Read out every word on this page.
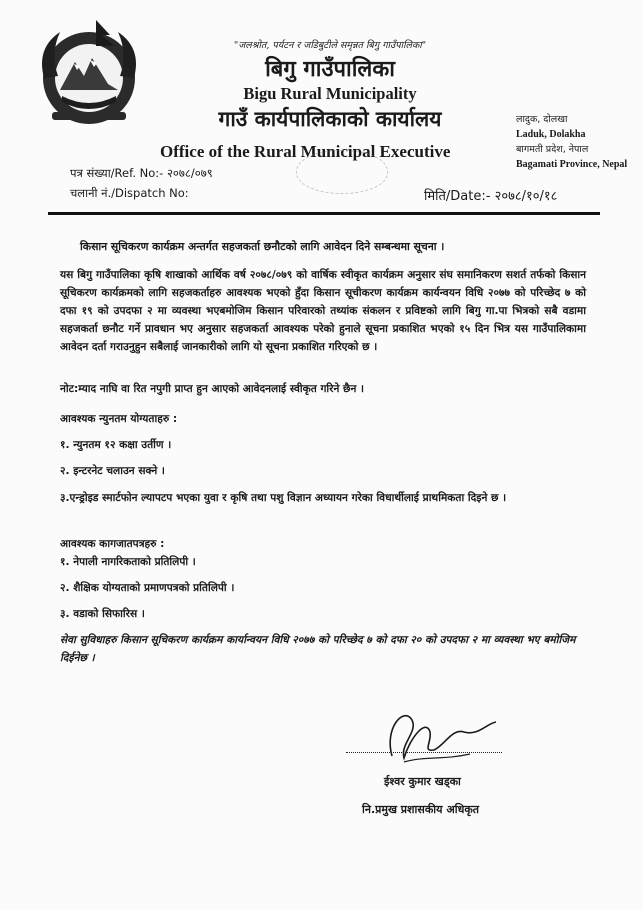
"जलश्रोत, पर्यटन र जडिबुटीले समृन्नत बिगु गाउँपालिका"
बिगु गाउँपालिका
Bigu Rural Municipality
गाउँ कार्यपालिकाको कार्यालय
Office of the Rural Municipal Executive
लादुक, दोलखा
Laduk, Dolakha
बागमती प्रदेश, नेपाल
Bagamati Province, Nepal
पत्र संख्या/Ref. No:- २०७८/०७९
चलानी नं./Dispatch No:	मिति/Date:- २०७८/१०/१८
किसान सूचिकरण कार्यक्रम अन्तर्गत सहजकर्ता छनौटको लागि आवेदन दिने सम्बन्धमा सूचना ।
यस बिगु गाउँपालिका कृषि शाखाको आर्थिक वर्ष २०७८/०७९ को वार्षिक स्वीकृत कार्यक्रम अनुसार संघ समानिकरण सशर्त तर्फको किसान सूचिकरण कार्यक्रमको लागि सहजकर्ताहरु आवश्यक भएको हुँदा किसान सूचीकरण कार्यक्रम कार्यन्वयन विधि २०७७ को परिच्छेद ७ को दफा १९ को उपदफा २ मा व्यवस्था भएबमोजिम किसान परिवारको तथ्यांक संकलन र प्रविष्टको लागि बिगु गा.पा भित्रको सबै वडामा सहजकर्ता छनौट गर्ने प्रावधान भए अनुसार सहजकर्ता आवश्यक परेको हुनाले सूचना प्रकाशित भएको १५ दिन भित्र यस गाउँपालिकामा आवेदन दर्ता गराउनुहुन सबैलाई जानकारीको लागि यो सूचना प्रकाशित गरिएको छ ।
नोट:म्याद नाघि वा रित नपुगी प्राप्त हुन आएको आवेदनलाई स्वीकृत गरिने छैन ।
आवश्यक न्युनतम योग्यताहरु :
१. न्युनतम १२ कक्षा उर्तीण ।
२. इन्टरनेट चलाउन सक्ने ।
३.एन्ड्रोइड स्मार्टफोन ल्यापटप भएका युवा र कृषि तथा पशु विज्ञान अध्यायन गरेका विधार्थीलाई प्राथमिकता दिइने छ ।
आवश्यक कागजातपत्रहरु :
१. नेपाली नागरिकताको प्रतिलिपी ।
२. शैक्षिक योग्यताको प्रमाणपत्रको प्रतिलिपी ।
३. वडाको सिफारिस ।
सेवा सुविधाहरु किसान सूचिकरण कार्यक्रम कार्यान्वयन विधि २०७७ को परिच्छेद ७ को दफा २० को उपदफा २ मा व्यवस्था भए बमोजिम दिईनेछ ।
ईश्वर कुमार खड्का
नि.प्रमुख प्रशासकीय अधिकृत
